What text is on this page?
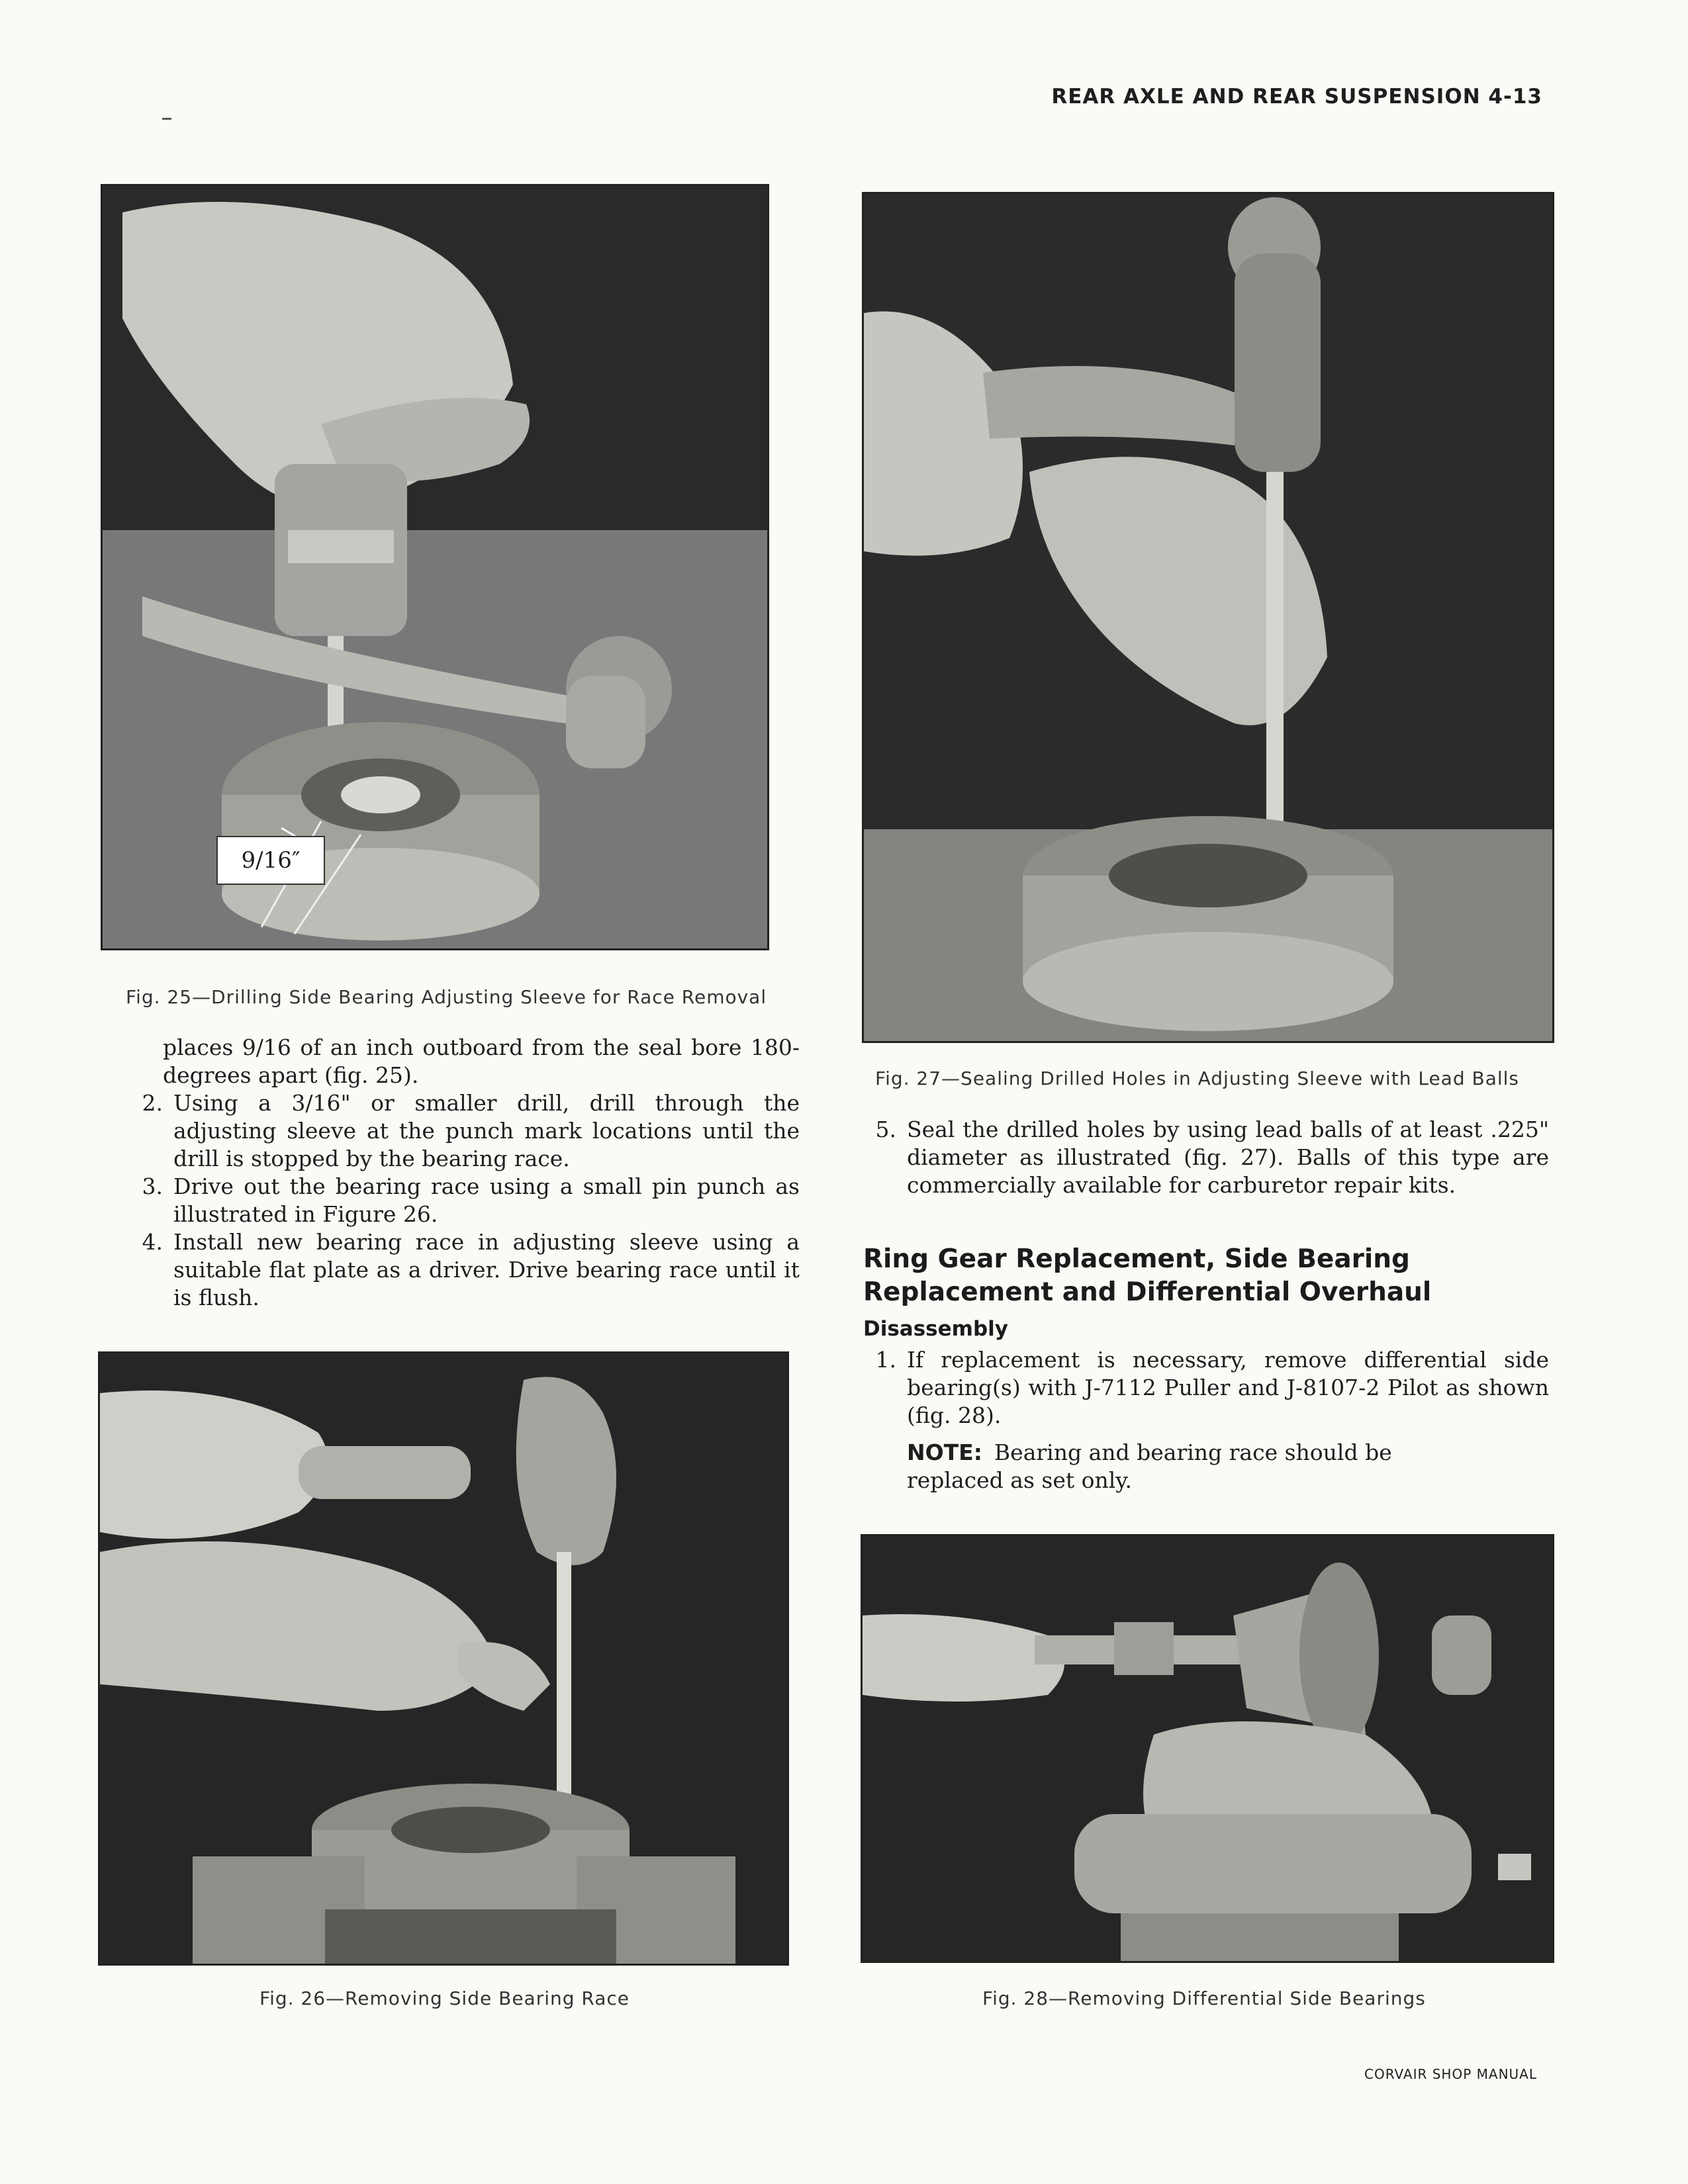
REAR AXLE AND REAR SUSPENSION 4-13
9/16″
Fig. 25—Drilling Side Bearing Adjusting Sleeve for Race Removal

places 9/16 of an inch outboard from the seal bore 180-degrees apart (fig. 25).

2. Using a 3/16" or smaller drill, drill through the adjusting sleeve at the punch mark locations until the drill is stopped by the bearing race.
3. Drive out the bearing race using a small pin punch as illustrated in Figure 26.
4. Install new bearing race in adjusting sleeve using a suitable flat plate as a driver. Drive bearing race until it is flush.
Fig. 26—Removing Side Bearing Race
Fig. 27—Sealing Drilled Holes in Adjusting Sleeve with Lead Balls
5. Seal the drilled holes by using lead balls of at least .225" diameter as illustrated (fig. 27). Balls of this type are commercially available for carburetor repair kits.
Ring Gear Replacement, Side Bearing
Replacement and Differential Overhaul
Disassembly
1. If replacement is necessary, remove differential side bearing(s) with J-7112 Puller and J-8107-2 Pilot as shown (fig. 28).
NOTE: Bearing and bearing race should be replaced as set only.
Fig. 28—Removing Differential Side Bearings
CORVAIR SHOP MANUAL
